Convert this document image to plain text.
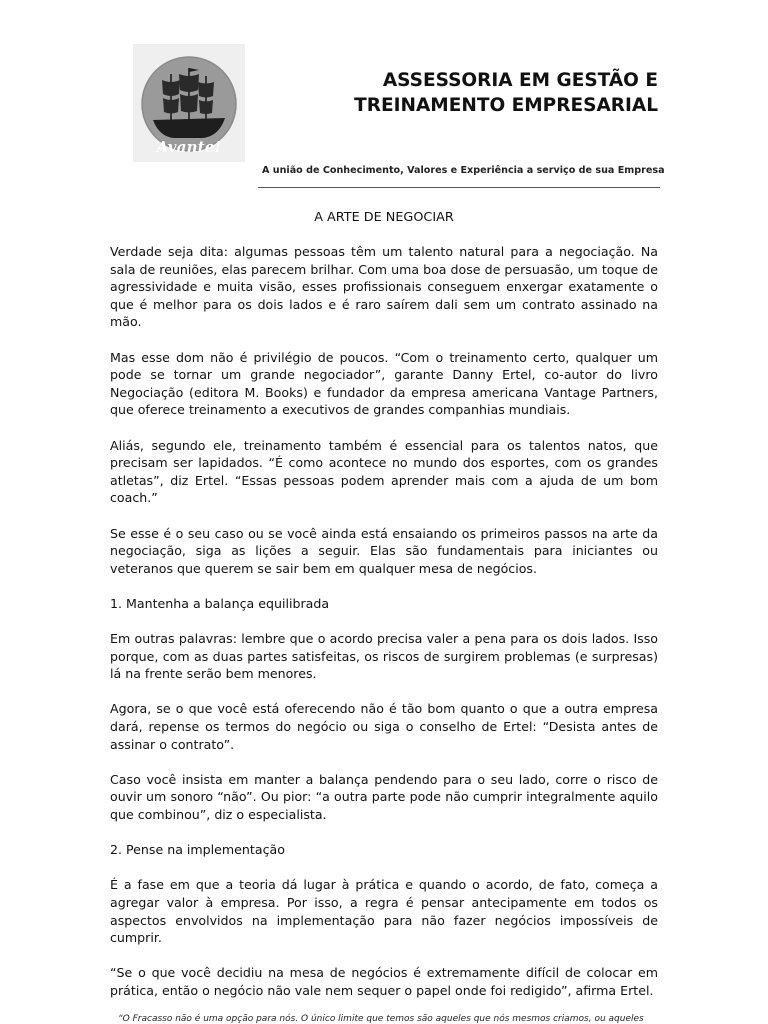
Avante!
ASSESSORIA EM GESTÃO E
TREINAMENTO EMPRESARIAL
A união de Conhecimento, Valores e Experiência a serviço de sua Empresa
A ARTE DE NEGOCIAR

Verdade seja dita: algumas pessoas têm um talento natural para a negociação. Na sala de reuniões, elas parecem brilhar. Com uma boa dose de persuasão, um toque de agressividade e muita visão, esses profissionais conseguem enxergar exatamente o que é melhor para os dois lados e é raro saírem dali sem um contrato assinado na mão.

Mas esse dom não é privilégio de poucos. “Com o treinamento certo, qualquer um pode se tornar um grande negociador”, garante Danny Ertel, co-autor do livro Negociação (editora M. Books) e fundador da empresa americana Vantage Partners, que oferece treinamento a executivos de grandes companhias mundiais.

Aliás, segundo ele, treinamento também é essencial para os talentos natos, que precisam ser lapidados. “É como acontece no mundo dos esportes, com os grandes atletas”, diz Ertel. “Essas pessoas podem aprender mais com a ajuda de um bom coach.”

Se esse é o seu caso ou se você ainda está ensaiando os primeiros passos na arte da negociação, siga as lições a seguir. Elas são fundamentais para iniciantes ou veteranos que querem se sair bem em qualquer mesa de negócios.

1. Mantenha a balança equilibrada

Em outras palavras: lembre que o acordo precisa valer a pena para os dois lados. Isso porque, com as duas partes satisfeitas, os riscos de surgirem problemas (e surpresas) lá na frente serão bem menores.

Agora, se o que você está oferecendo não é tão bom quanto o que a outra empresa dará, repense os termos do negócio ou siga o conselho de Ertel: “Desista antes de assinar o contrato”.

Caso você insista em manter a balança pendendo para o seu lado, corre o risco de ouvir um sonoro “não”. Ou pior: “a outra parte pode não cumprir integralmente aquilo que combinou”, diz o especialista.

2. Pense na implementação

É a fase em que a teoria dá lugar à prática e quando o acordo, de fato, começa a agregar valor à empresa. Por isso, a regra é pensar antecipamente em todos os aspectos envolvidos na implementação para não fazer negócios impossíveis de cumprir.

“Se o que você decidiu na mesa de negócios é extremamente difícil de colocar em prática, então o negócio não vale nem sequer o papel onde foi redigido”, afirma Ertel.

“O Fracasso não é uma opção para nós. O único limite que temos são aqueles que nós mesmos criamos, ou aqueles
